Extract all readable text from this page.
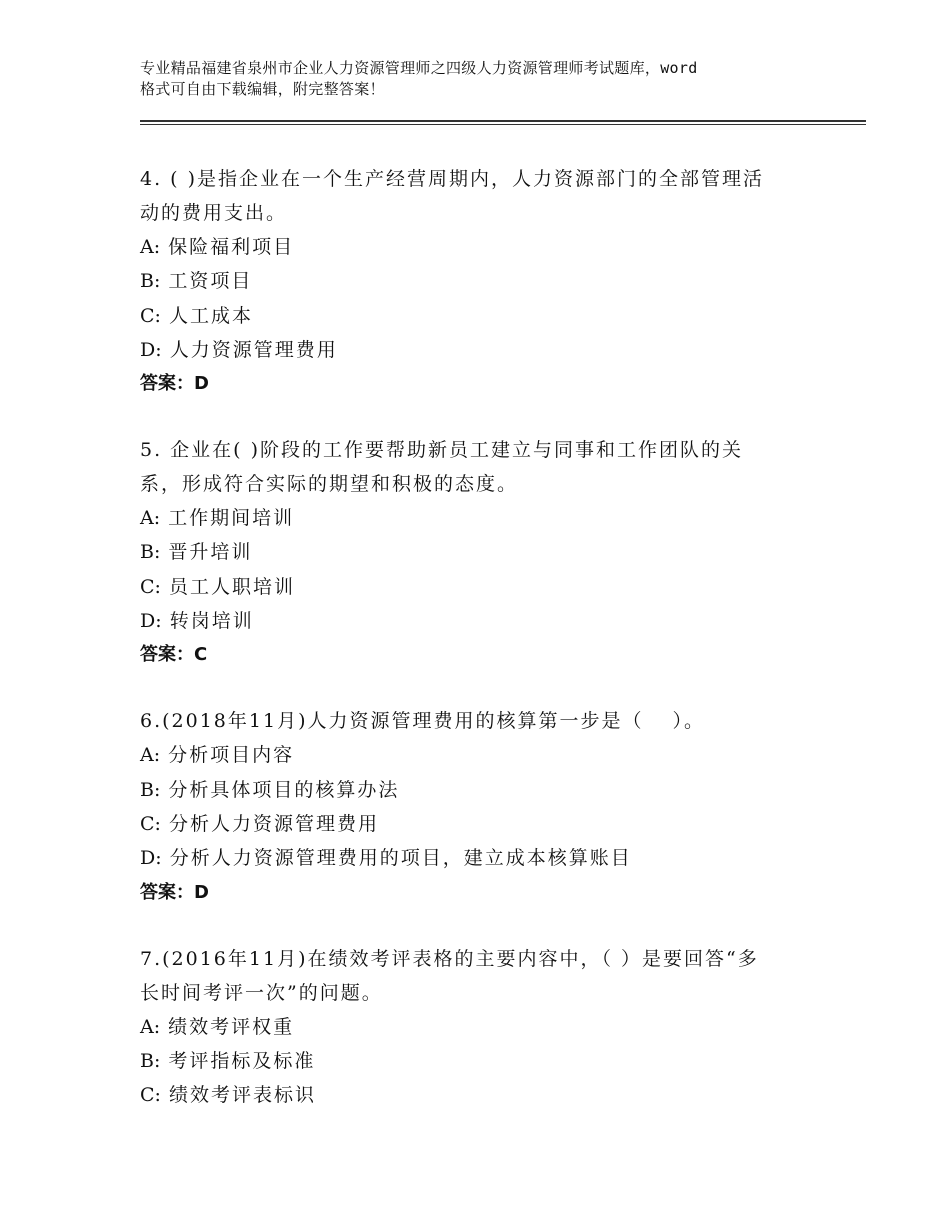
专业精品福建省泉州市企业人力资源管理师之四级人力资源管理师考试题库，word
格式可自由下载编辑，附完整答案！
4. ( )是指企业在一个生产经营周期内，人力资源部门的全部管理活
动的费用支出。
A: 保险福利项目
B: 工资项目
C: 人工成本
D: 人力资源管理费用
答案：D
5. 企业在( )阶段的工作要帮助新员工建立与同事和工作团队的关
系，形成符合实际的期望和积极的态度。
A: 工作期间培训
B: 晋升培训
C: 员工人职培训
D: 转岗培训
答案：C
6.(2018年11月)人力资源管理费用的核算第一步是（　 ）。
A: 分析项目内容
B: 分析具体项目的核算办法
C: 分析人力资源管理费用
D: 分析人力资源管理费用的项目，建立成本核算账目
答案：D
7.(2016年11月)在绩效考评表格的主要内容中，（ ）是要回答“多
长时间考评一次”的问题。
A: 绩效考评权重
B: 考评指标及标准
C: 绩效考评表标识
